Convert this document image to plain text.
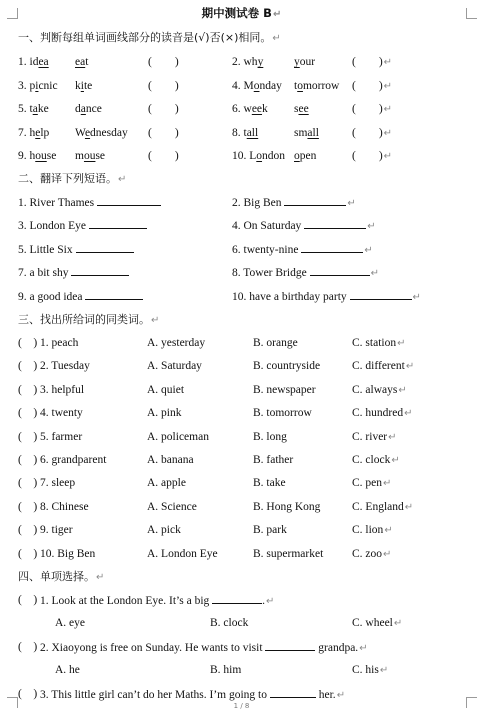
期中测试卷 B↵
一、判断每组单词画线部分的读音是(√)否(×)相同。↵
1. idea eat	(　　)	2. why	your	(　　)↵
3. picnic kite	(　　)	4. Monday tomorrow (　　)↵
5. take dance	(　　)	6. week see	(　　)↵
7. help Wednesday (　　)	8. tall	small	(　　)↵
9. house mouse	(　　)	10. London open	(　　)↵
二、翻译下列短语。↵
1. River Thames	2. Big Ben	↵
3. London Eye	4. On Saturday	↵
5. Little Six	6. twenty-nine	↵
7. a bit shy	8. Tower Bridge	↵
9. a good idea	10. have a birthday party	↵
三、找出所给词的同类词。↵
(　) 1. peach	A. yesterday	B. orange	C. station↵
(　) 2. Tuesday	A. Saturday	B. countryside	C. different↵
(　) 3. helpful	A. quiet	B. newspaper	C. always↵
(　) 4. twenty	A. pink	B. tomorrow	C. hundred↵
(　) 5. farmer	A. policeman	B. long	C. river↵
(　) 6. grandparent	A. banana	B. father	C. clock↵
(　) 7. sleep	A. apple	B. take	C. pen↵
(　) 8. Chinese	A. Science	B. Hong Kong	C. England↵
(　) 9. tiger	A. pick	B. park	C. lion↵
(　) 10. Big Ben	A. London Eye	B. supermarket C. zoo↵
四、单项选择。↵
(　) 1. Look at the London Eye. It’s a big	.↵
A. eye	B. clock	C. wheel↵
(　) 2. Xiaoyong is free on Sunday. He wants to visit	grandpa.↵
A. he	B. him	C. his↵
(　) 3. This little girl can’t do her Maths. I’m going to	her.↵
1 / 8
